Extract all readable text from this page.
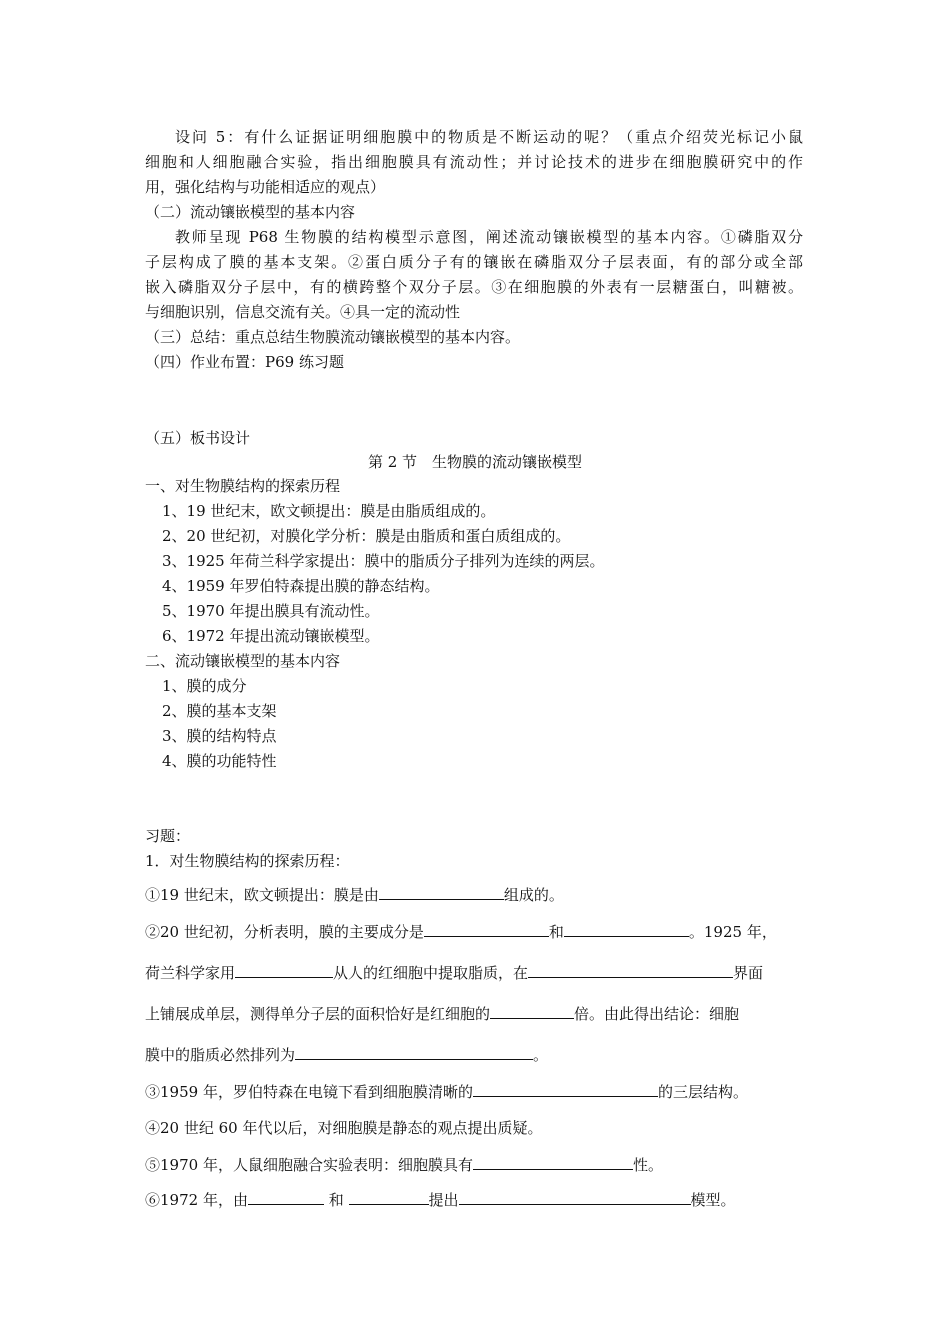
设问 5：有什么证据证明细胞膜中的物质是不断运动的呢？（重点介绍荧光标记小鼠
细胞和人细胞融合实验，指出细胞膜具有流动性；并讨论技术的进步在细胞膜研究中的作
用，强化结构与功能相适应的观点）
（二）流动镶嵌模型的基本内容
教师呈现 P68 生物膜的结构模型示意图，阐述流动镶嵌模型的基本内容。①磷脂双分
子层构成了膜的基本支架。②蛋白质分子有的镶嵌在磷脂双分子层表面，有的部分或全部
嵌入磷脂双分子层中，有的横跨整个双分子层。③在细胞膜的外表有一层糖蛋白，叫糖被。
与细胞识别，信息交流有关。④具一定的流动性
（三）总结：重点总结生物膜流动镶嵌模型的基本内容。
（四）作业布置：P69 练习题
（五）板书设计
第 2 节　生物膜的流动镶嵌模型
一、对生物膜结构的探索历程
1、19 世纪末，欧文顿提出：膜是由脂质组成的。
2、20 世纪初，对膜化学分析：膜是由脂质和蛋白质组成的。
3、1925 年荷兰科学家提出：膜中的脂质分子排列为连续的两层。
4、1959 年罗伯特森提出膜的静态结构。
5、1970 年提出膜具有流动性。
6、1972 年提出流动镶嵌模型。
二、流动镶嵌模型的基本内容
1、膜的成分
2、膜的基本支架
3、膜的结构特点
4、膜的功能特性
习题：
1．对生物膜结构的探索历程：
①19 世纪末，欧文顿提出：膜是由	组成的。
②20 世纪初，分析表明，膜的主要成分是	和	。1925 年，
荷兰科学家用	从人的红细胞中提取脂质，在	界面
上铺展成单层，测得单分子层的面积恰好是红细胞的	倍。由此得出结论：细胞
膜中的脂质必然排列为	。
③1959 年，罗伯特森在电镜下看到细胞膜清晰的	的三层结构。
④20 世纪 60 年代以后，对细胞膜是静态的观点提出质疑。
⑤1970 年，人鼠细胞融合实验表明：细胞膜具有	性。
⑥1972 年，由	和	提出	模型。
